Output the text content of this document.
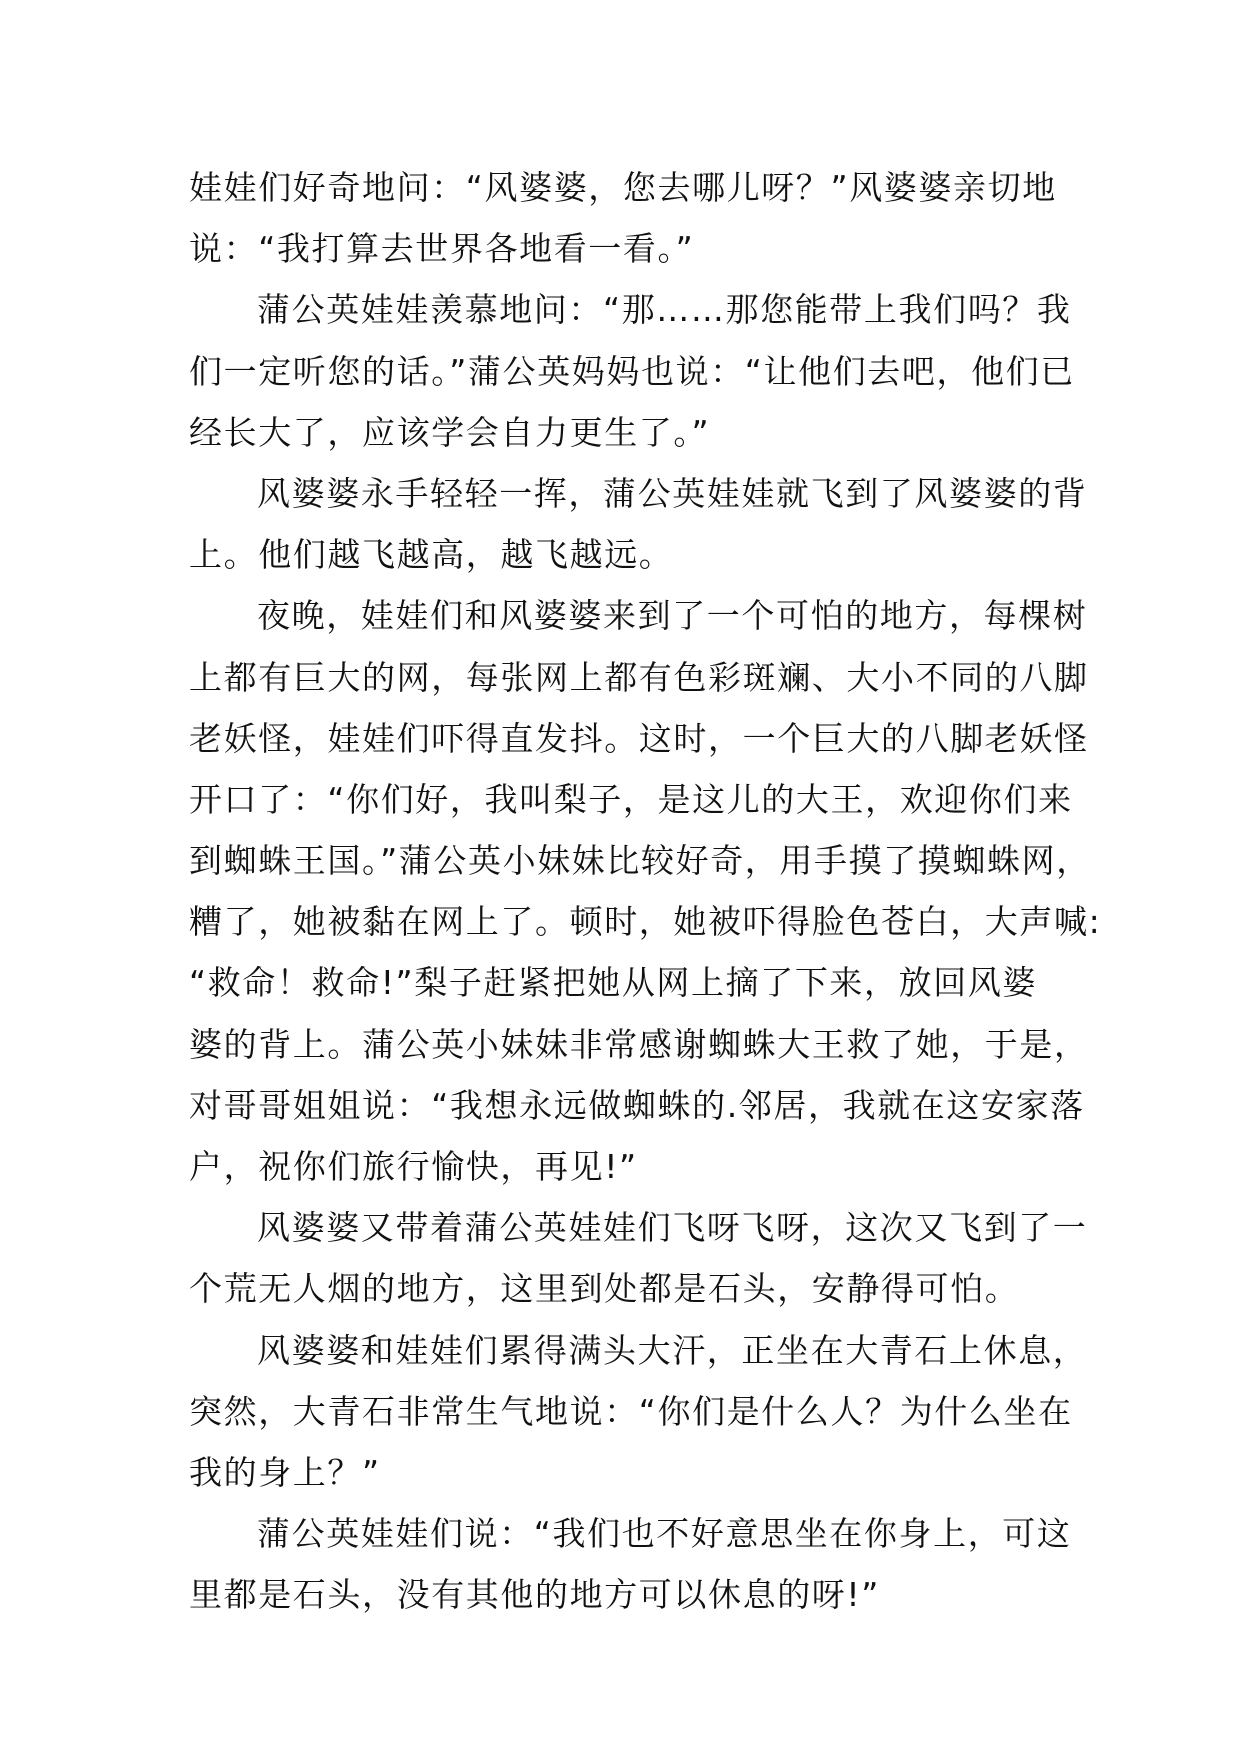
娃娃们好奇地问：“风婆婆，您去哪儿呀？”风婆婆亲切地
说：“我打算去世界各地看一看。”
蒲公英娃娃羡慕地问：“那……那您能带上我们吗？我
们一定听您的话。”蒲公英妈妈也说：“让他们去吧，他们已
经长大了，应该学会自力更生了。”
风婆婆永手轻轻一挥，蒲公英娃娃就飞到了风婆婆的背
上。他们越飞越高，越飞越远。
夜晚，娃娃们和风婆婆来到了一个可怕的地方，每棵树
上都有巨大的网，每张网上都有色彩斑斓、大小不同的八脚
老妖怪，娃娃们吓得直发抖。这时，一个巨大的八脚老妖怪
开口了：“你们好，我叫梨子，是这儿的大王，欢迎你们来
到蜘蛛王国。”蒲公英小妹妹比较好奇，用手摸了摸蜘蛛网，
糟了，她被黏在网上了。顿时，她被吓得脸色苍白，大声喊:
“救命！救命!”梨子赶紧把她从网上摘了下来，放回风婆
婆的背上。蒲公英小妹妹非常感谢蜘蛛大王救了她，于是，
对哥哥姐姐说：“我想永远做蜘蛛的.邻居，我就在这安家落
户，祝你们旅行愉快，再见!”
风婆婆又带着蒲公英娃娃们飞呀飞呀，这次又飞到了一
个荒无人烟的地方，这里到处都是石头，安静得可怕。
风婆婆和娃娃们累得满头大汗，正坐在大青石上休息，
突然，大青石非常生气地说：“你们是什么人？为什么坐在
我的身上？”
蒲公英娃娃们说：“我们也不好意思坐在你身上，可这
里都是石头，没有其他的地方可以休息的呀!”
